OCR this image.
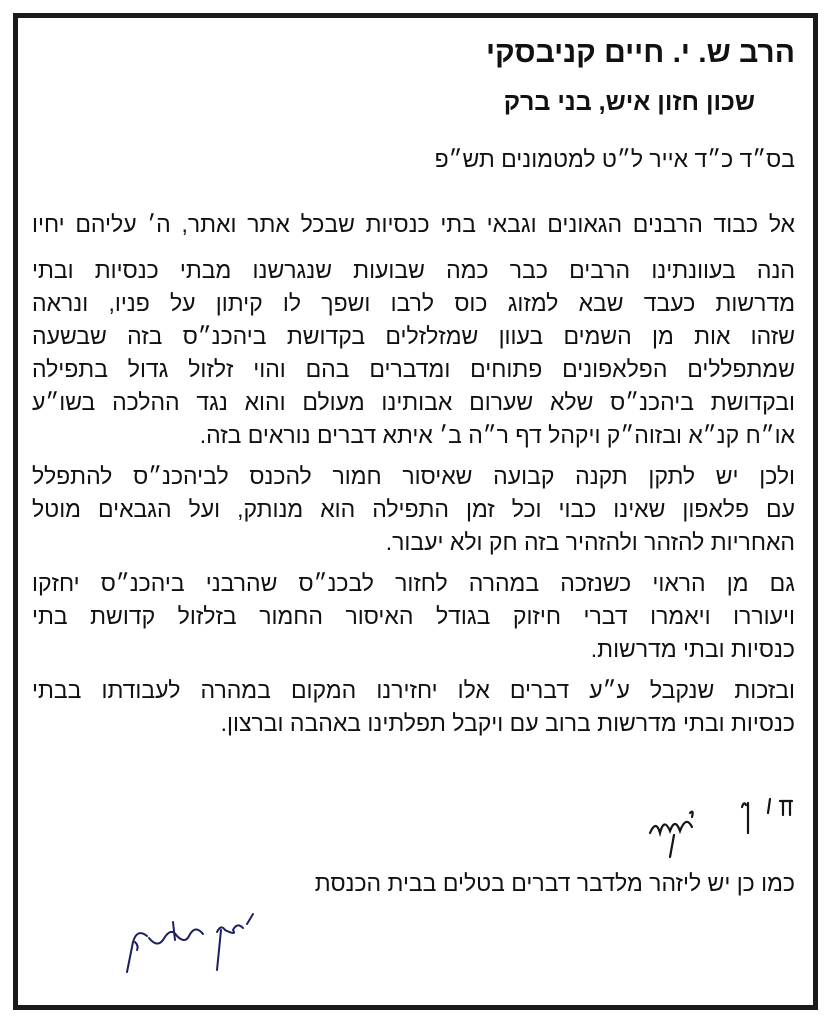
הרב ש. י. חיים קניבסקי
שכון חזון איש, בני ברק
בס״ד כ״ד אייר ל״ט למטמונים תש״פ
אל כבוד הרבנים הגאונים וגבאי בתי כנסיות שבכל אתר ואתר, ה׳ עליהם יחיו
הנה בעוונתינו הרבים כבר כמה שבועות שנגרשנו מבתי כנסיות ובתי
מדרשות כעבד שבא למזוג כוס לרבו ושפך לו קיתון על פניו, ונראה
שזהו אות מן השמים בעוון שמזלזלים בקדושת ביהכנ״ס בזה שבשעה
שמתפללים הפלאפונים פתוחים ומדברים בהם והוי זלזול גדול בתפילה
ובקדושת ביהכנ״ס שלא שערום אבותינו מעולם והוא נגד ההלכה בשו״ע
או״ח קנ״א ובזוה״ק ויקהל דף ר״ה ב׳ איתא דברים נוראים בזה.
ולכן יש לתקן תקנה קבועה שאיסור חמור להכנס לביהכנ״ס להתפלל
עם פלאפון שאינו כבוי וכל זמן התפילה הוא מנותק, ועל הגבאים מוטל
האחריות להזהר ולהזהיר בזה חק ולא יעבור.
גם מן הראוי כשנזכה במהרה לחזור לבכנ״ס שהרבני ביהכנ״ס יחזקו
ויעוררו ויאמרו דברי חיזוק בגודל האיסור החמור בזלזול קדושת בתי
כנסיות ובתי מדרשות.
ובזכות שנקבל ע״ע דברים אלו יחזירנו המקום במהרה לעבודתו בבתי
כנסיות ובתי מדרשות ברוב עם ויקבל תפלתינו באהבה וברצון.
כמו כן יש ליזהר מלדבר דברים בטלים בבית הכנסת
